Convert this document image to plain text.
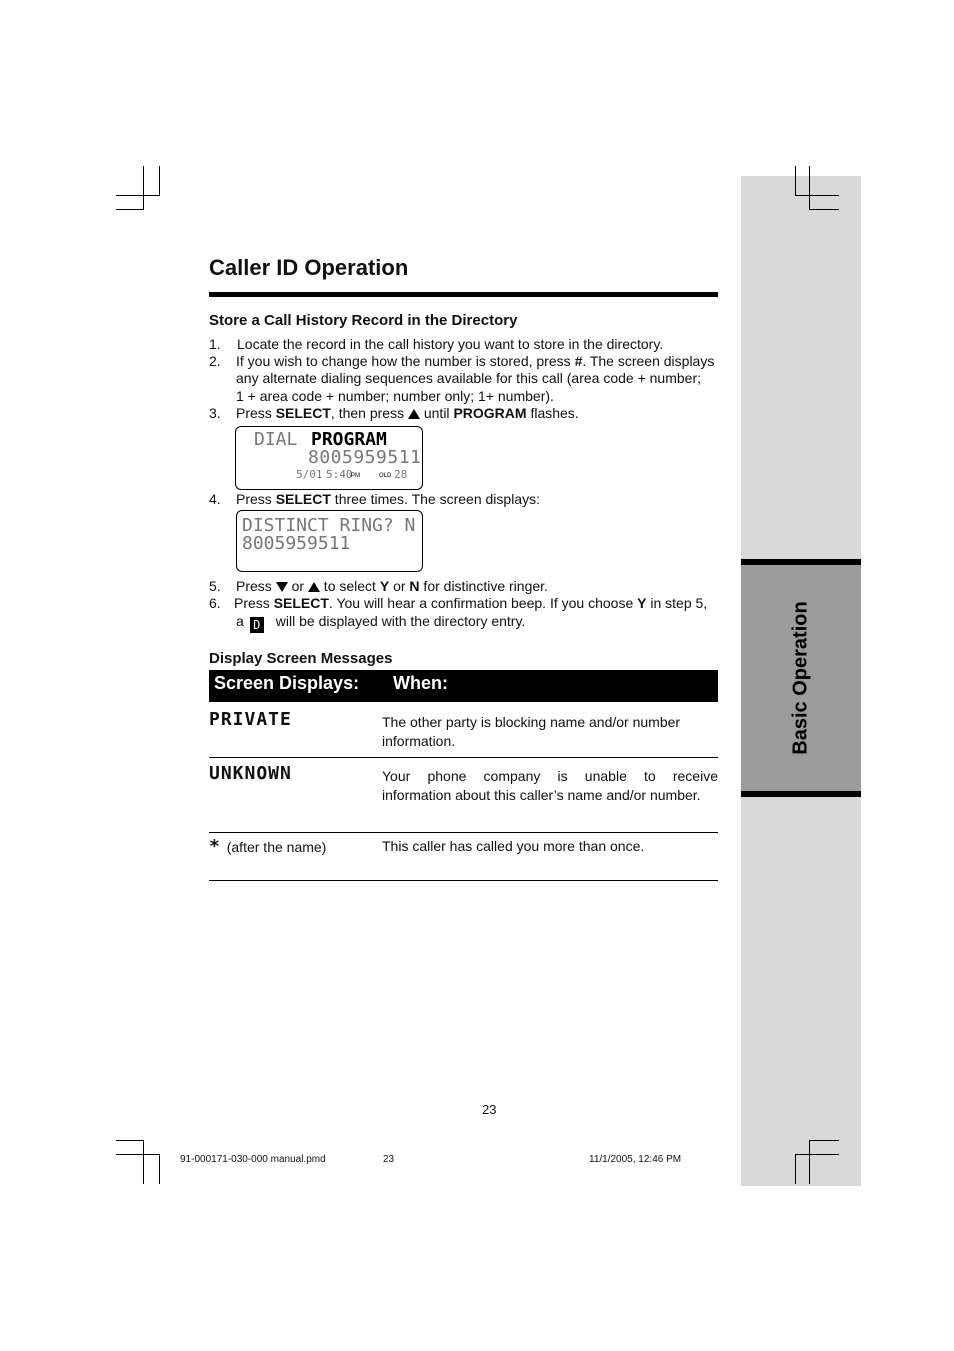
Basic Operation
Caller ID Operation
Store a Call History Record in the Directory
1.	Locate the record in the call history you want to store in the directory.
2.	If you wish to change how the number is stored, press #. The screen displays
any alternate dialing sequences available for this call (area code + number;
1 + area code + number; number only; 1+ number).
3.	Press SELECT, then press  until PROGRAM flashes.
DIAL PROGRAM
8005959511
5/01 5:40
PM	OLD 28
4.	Press SELECT three times. The screen displays:
DISTINCT RING? N
8005959511
5.	Press  or  to select Y or N for distinctive ringer.
6. Press SELECT. You will hear a confirmation beep. If you choose Y in step 5,
a D will be displayed with the directory entry.
Display Screen Messages
Screen Displays: When:
PRIVATE	The other party is blocking name and/or number
information.
UNKNOWN	Your phone company is unable to receive
information about this caller’s name and/or number.
* (after the name)	This caller has called you more than once.
23
91-000171-030-000 manual.pmd	23	11/1/2005, 12:46 PM
